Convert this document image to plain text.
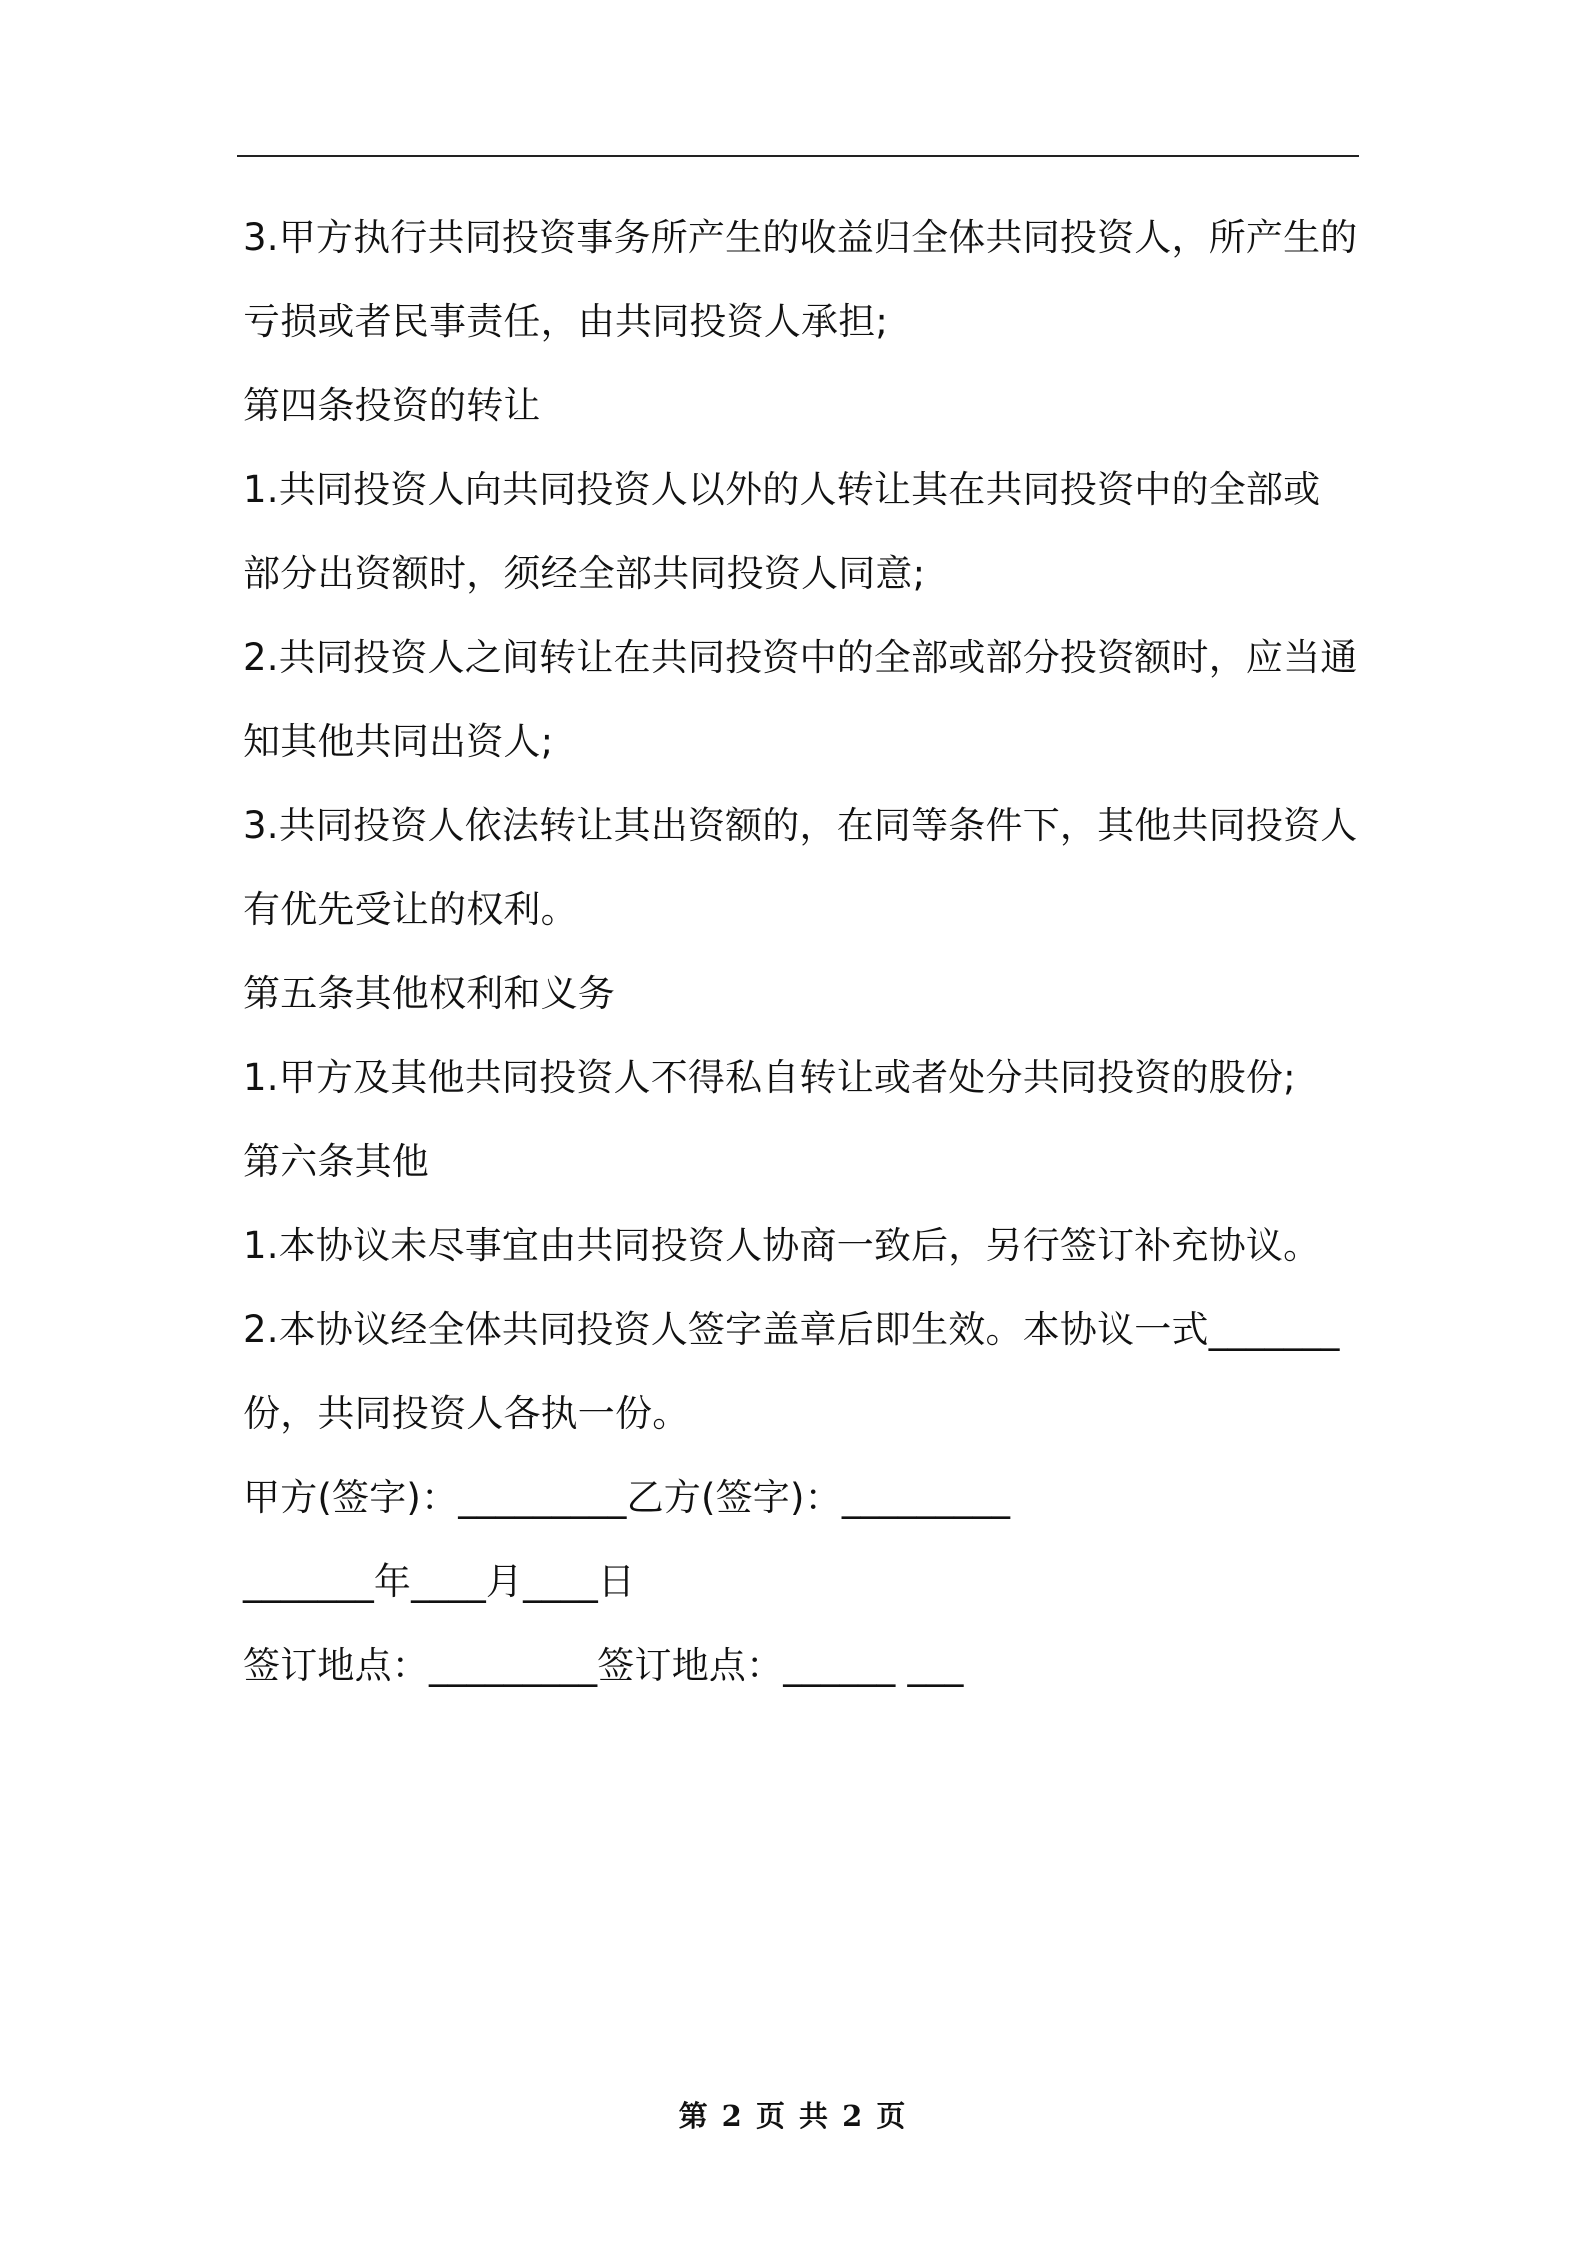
3.甲方执行共同投资事务所产生的收益归全体共同投资人，所产生的
亏损或者民事责任，由共同投资人承担;
第四条投资的转让
1.共同投资人向共同投资人以外的人转让其在共同投资中的全部或
部分出资额时，须经全部共同投资人同意;
2.共同投资人之间转让在共同投资中的全部或部分投资额时，应当通
知其他共同出资人;
3.共同投资人依法转让其出资额的，在同等条件下，其他共同投资人
有优先受让的权利。
第五条其他权利和义务
1.甲方及其他共同投资人不得私自转让或者处分共同投资的股份;
第六条其他
1.本协议未尽事宜由共同投资人协商一致后，另行签订补充协议。
2.本协议经全体共同投资人签字盖章后即生效。本协议一式_______
份，共同投资人各执一份。
甲方(签字)：_________乙方(签字)：_________
_______年____月____日
签订地点：_________签订地点：______ ___
第 2 页 共 2 页
